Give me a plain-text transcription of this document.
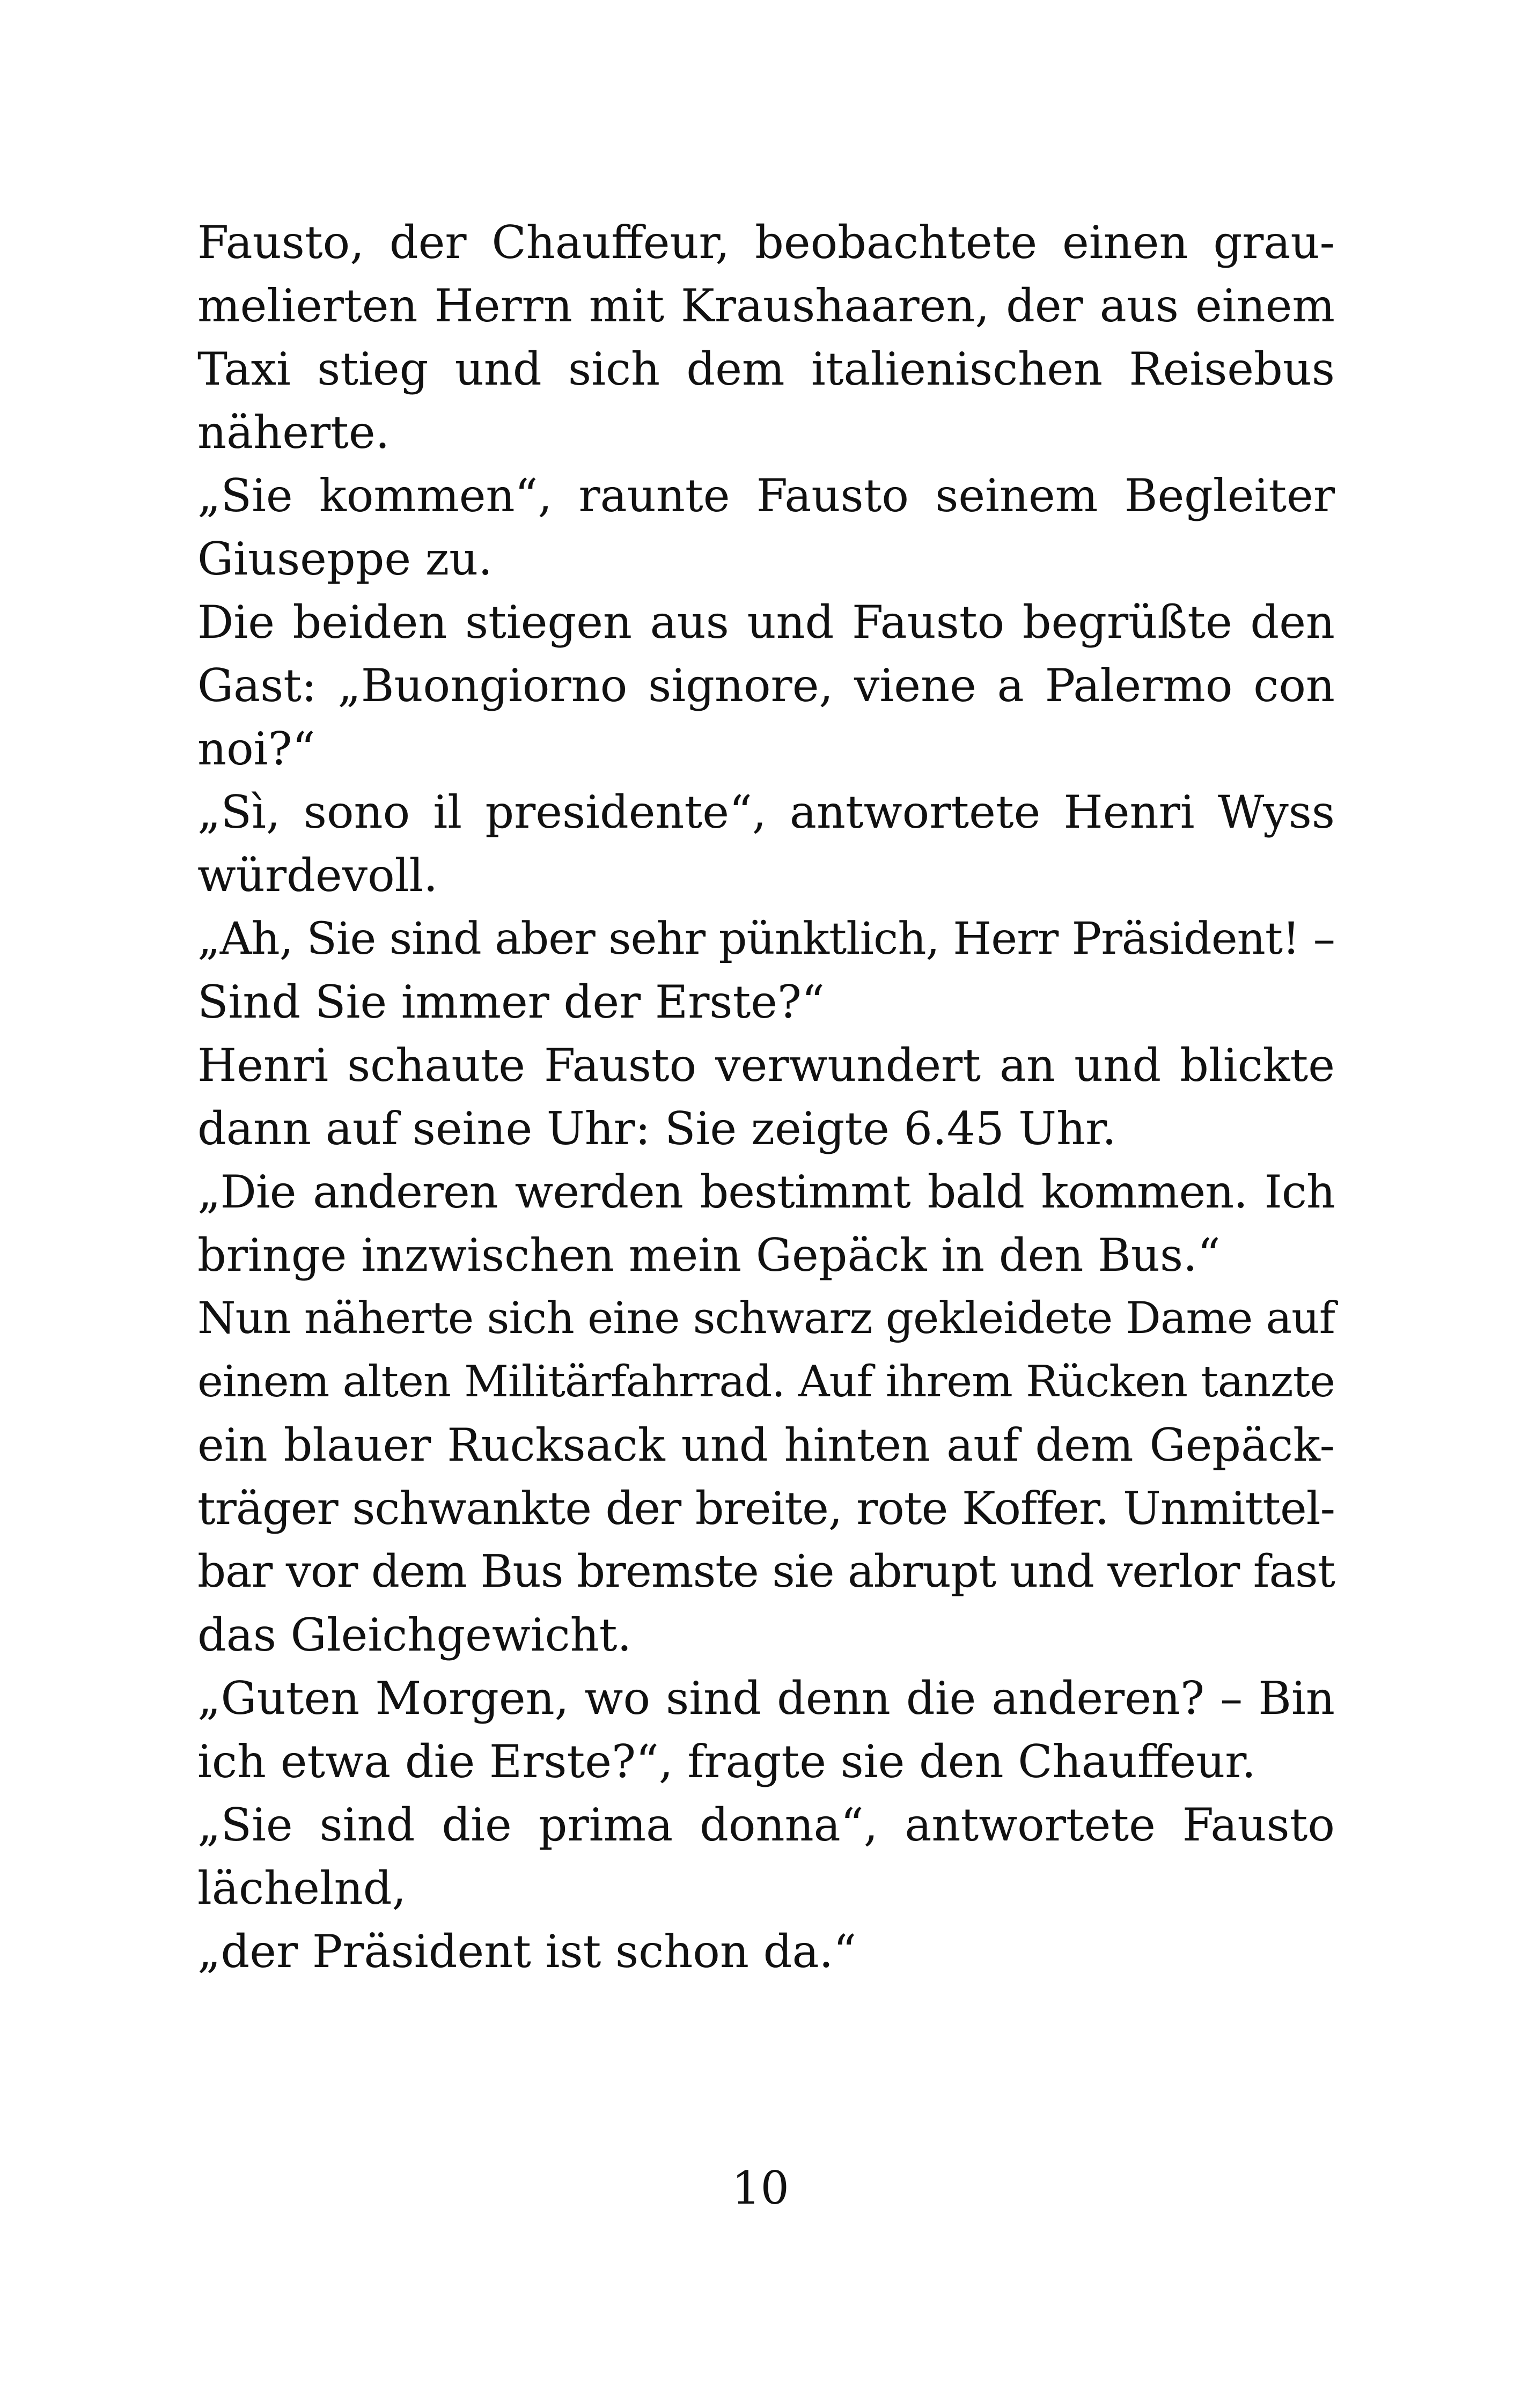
Fausto, der Chauffeur, beobachtete einen grau-
melierten Herrn mit Kraushaaren, der aus einem
Taxi stieg und sich dem italienischen Reisebus
näherte.
„Sie kommen“, raunte Fausto seinem Begleiter
Giuseppe zu.
Die beiden stiegen aus und Fausto begrüßte den
Gast: „Buongiorno signore, viene a Palermo con
noi?“
„Sì, sono il presidente“, antwortete Henri Wyss
würdevoll.
„Ah, Sie sind aber sehr pünktlich, Herr Präsident! –
Sind Sie immer der Erste?“
Henri schaute Fausto verwundert an und blickte
dann auf seine Uhr: Sie zeigte 6.45 Uhr.
„Die anderen werden bestimmt bald kommen. Ich
bringe inzwischen mein Gepäck in den Bus.“
Nun näherte sich eine schwarz gekleidete Dame auf
einem alten Militärfahrrad. Auf ihrem Rücken tanzte
ein blauer Rucksack und hinten auf dem Gepäck-
träger schwankte der breite, rote Koffer. Unmittel-
bar vor dem Bus bremste sie abrupt und verlor fast
das Gleichgewicht.
„Guten Morgen, wo sind denn die anderen? – Bin
ich etwa die Erste?“, fragte sie den Chauffeur.
„Sie sind die prima donna“, antwortete Fausto
lächelnd,
„der Präsident ist schon da.“
10
